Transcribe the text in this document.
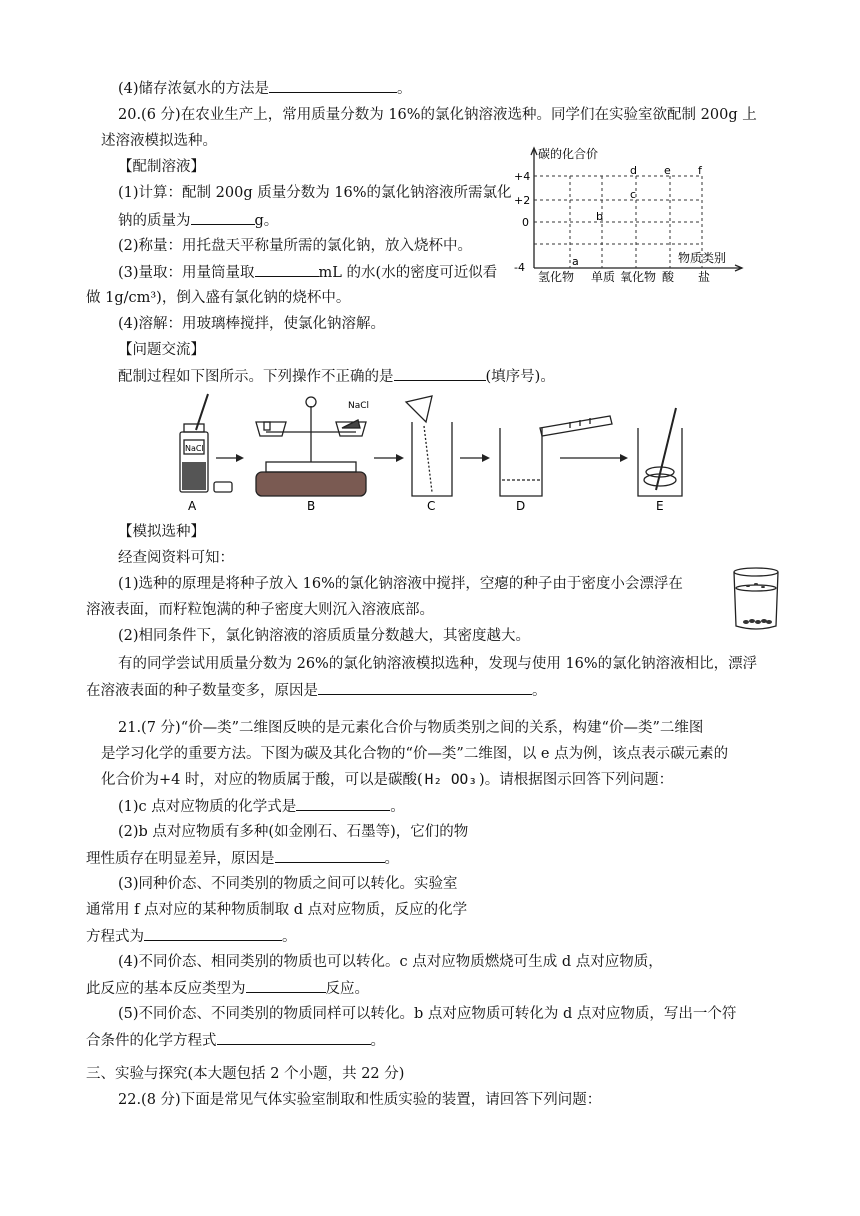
(4)储存浓氨水的方法是	。
20.(6 分)在农业生产上，常用质量分数为 16%的氯化钠溶液选种。同学们在实验室欲配制 200g 上
述溶液模拟选种。
【配制溶液】
(1)计算：配制 200g 质量分数为 16%的氯化钠溶液所需氯化
钠的质量为	g。
(2)称量：用托盘天平称量所需的氯化钠，放入烧杯中。
(3)量取：用量筒量取	mL 的水(水的密度可近似看
做 1g/cm³)，倒入盛有氯化钠的烧杯中。
(4)溶解：用玻璃棒搅拌，使氯化钠溶解。
【问题交流】
配制过程如下图所示。下列操作不正确的是	(填序号)。
碳的化合价
物质类别
+4
+2
0
-4
氢化物 单质 氧化物 酸 盐
a
b
c
d e f
NaCl
NaCl
A	B	C	D	E
【模拟选种】
经查阅资料可知：
(1)选种的原理是将种子放入 16%的氯化钠溶液中搅拌，空瘪的种子由于密度小会漂浮在
溶液表面，而籽粒饱满的种子密度大则沉入溶液底部。
(2)相同条件下，氯化钠溶液的溶质质量分数越大，其密度越大。
有的同学尝试用质量分数为 26%的氯化钠溶液模拟选种，发现与使用 16%的氯化钠溶液相比，漂浮
在溶液表面的种子数量变多，原因是	。
21.(7 分)“价—类”二维图反映的是元素化合价与物质类别之间的关系，构建“价—类”二维图
是学习化学的重要方法。下图为碳及其化合物的“价—类”二维图，以 e 点为例，该点表示碳元素的
化合价为+4 时，对应的物质属于酸，可以是碳酸( H₂ OO₃ )。请根据图示回答下列问题：
(1)c 点对应物质的化学式是	。
(2)b 点对应物质有多种(如金刚石、石墨等)，它们的物
理性质存在明显差异，原因是	。
(3)同种价态、不同类别的物质之间可以转化。实验室
通常用 f 点对应的某种物质制取 d 点对应物质，反应的化学
方程式为	。
(4)不同价态、相同类别的物质也可以转化。c 点对应物质燃烧可生成 d 点对应物质，
此反应的基本反应类型为	反应。
(5)不同价态、不同类别的物质同样可以转化。b 点对应物质可转化为 d 点对应物质，写出一个符
合条件的化学方程式	。
三、实验与探究(本大题包括 2 个小题，共 22 分)
22.(8 分)下面是常见气体实验室制取和性质实验的装置，请回答下列问题：
